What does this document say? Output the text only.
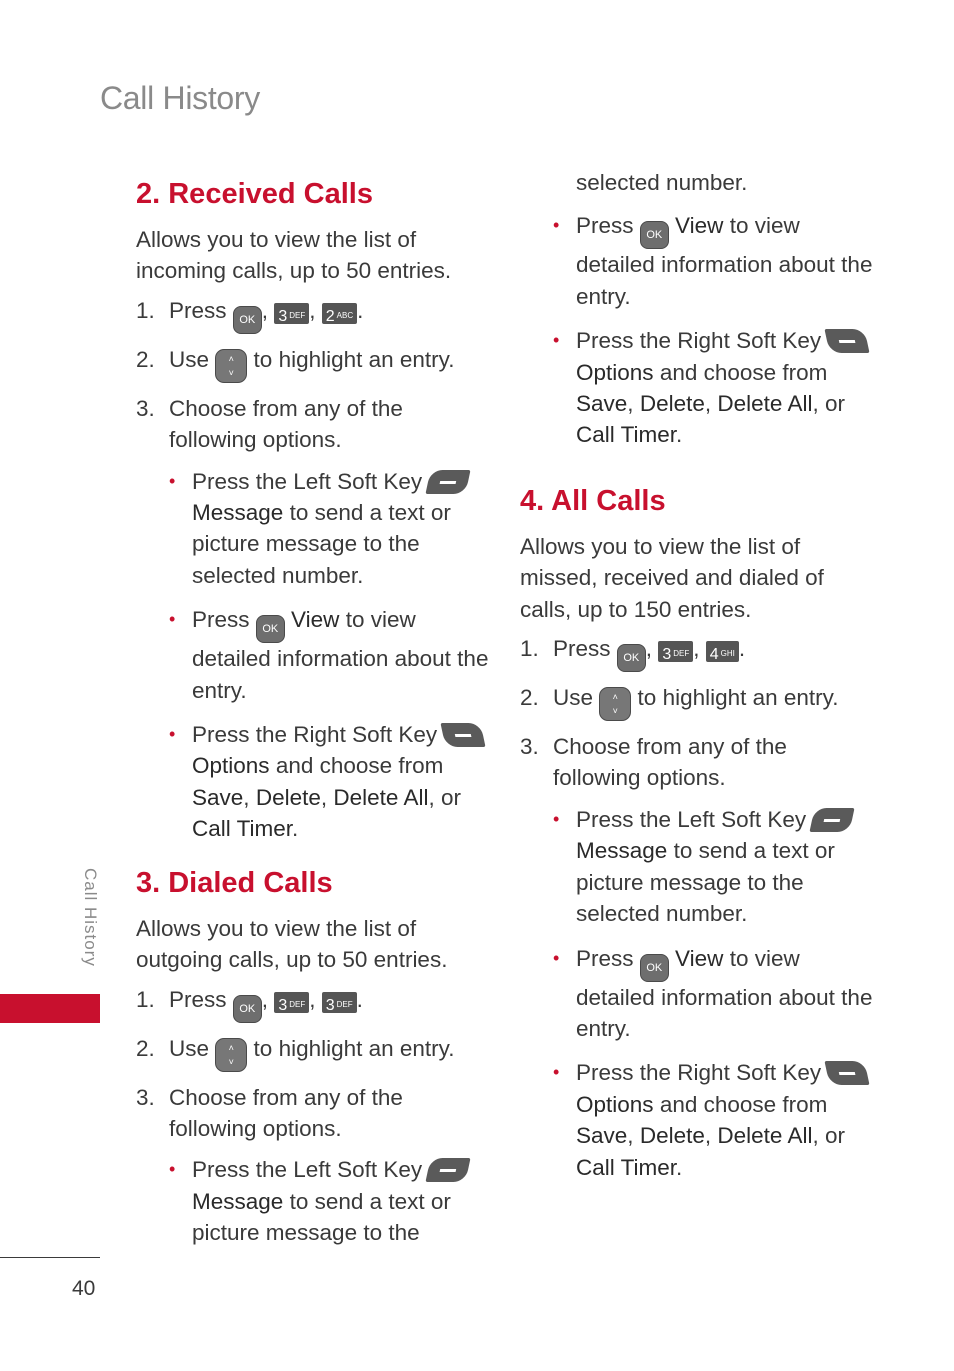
Call History
Call History
40
2. Received Calls

Allows you to view the list of incoming calls, up to 50 entries.

1. Press OK , 3 DEF , 2 ABC .
2. Use ˄
˅ to highlight an entry.
3. Choose from any of the following options.
• Press the Left Soft Key  Message to send a text or picture message to the selected number.
• Press OK View to view detailed information about the entry.
• Press the Right Soft Key  Options and choose from Save, Delete, Delete All, or Call Timer.
3. Dialed Calls

Allows you to view the list of outgoing calls, up to 50 entries.

1. Press OK , 3 DEF , 3 DEF .
2. Use ˄
˅ to highlight an entry.
3. Choose from any of the following options.
• Press the Left Soft Key  Message to send a text or picture message to the
selected number.
• Press OK View to view detailed information about the entry.
• Press the Right Soft Key  Options and choose from Save, Delete, Delete All, or Call Timer.
4. All Calls

Allows you to view the list of missed, received and dialed of calls, up to 150 entries.

1. Press OK , 3 DEF , 4 GHI .
2. Use ˄
˅ to highlight an entry.
3. Choose from any of the following options.
• Press the Left Soft Key  Message to send a text or picture message to the selected number.
• Press OK View to view detailed information about the entry.
• Press the Right Soft Key  Options and choose from Save, Delete, Delete All, or Call Timer.
